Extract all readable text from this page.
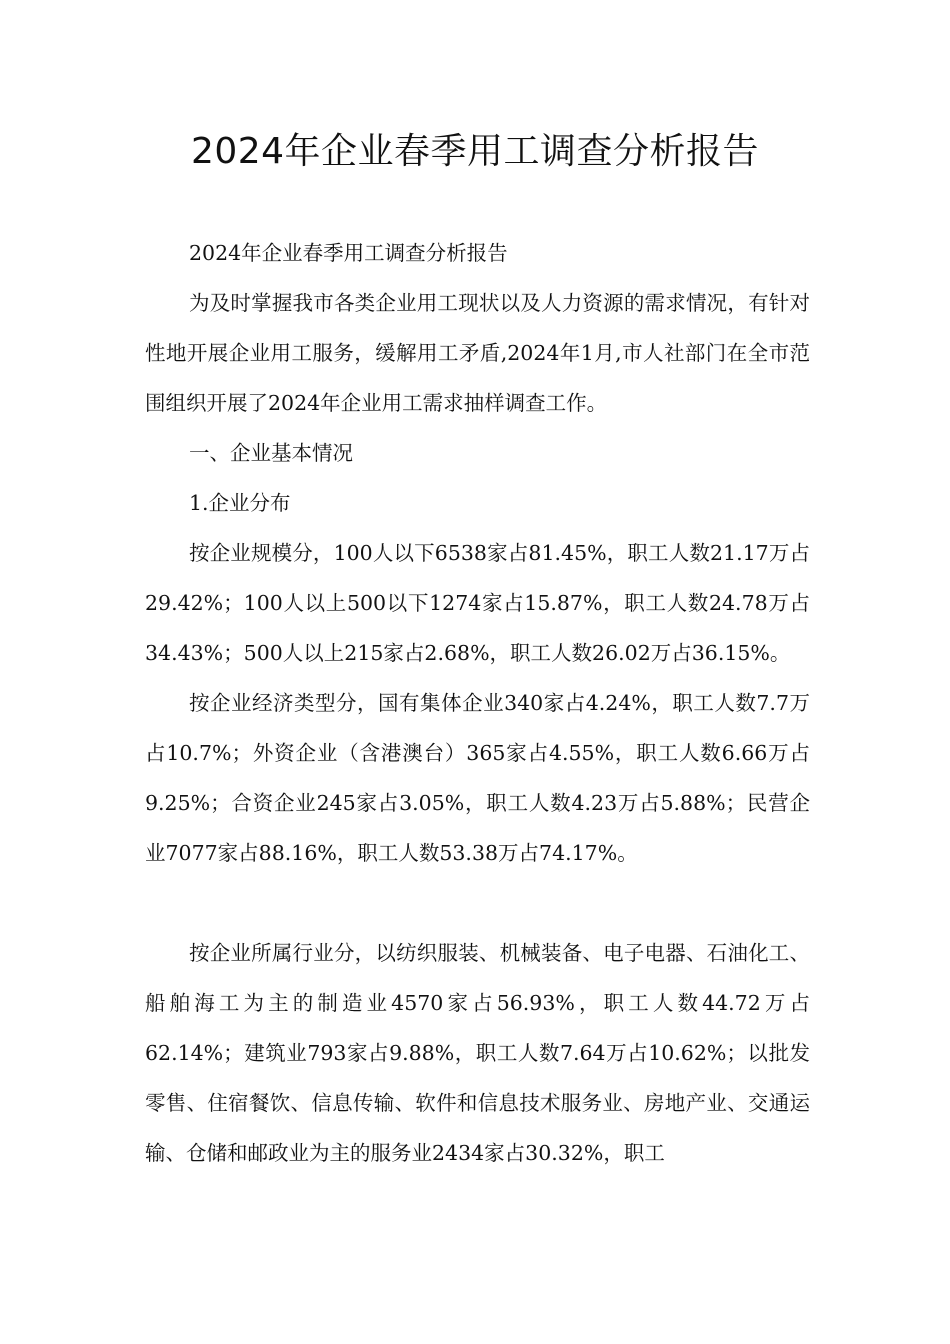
2024年企业春季用工调查分析报告

2024年企业春季用工调查分析报告

为及时掌握我市各类企业用工现状以及人力资源的需求情况，有针对性地开展企业用工服务，缓解用工矛盾,2024年1月,市人社部门在全市范围组织开展了2024年企业用工需求抽样调查工作。

一、企业基本情况

1.企业分布

按企业规模分，100人以下6538家占81.45%，职工人数21.17万占29.42%；100人以上500以下1274家占15.87%，职工人数24.78万占34.43%；500人以上215家占2.68%，职工人数26.02万占36.15%。

按企业经济类型分，国有集体企业340家占4.24%，职工人数7.7万占10.7%；外资企业（含港澳台）365家占4.55%，职工人数6.66万占9.25%；合资企业245家占3.05%，职工人数4.23万占5.88%；民营企业7077家占88.16%，职工人数53.38万占74.17%。

按企业所属行业分，以纺织服装、机械装备、电子电器、石油化工、船舶海工为主的制造业4570家占56.93%，职工人数44.72万占62.14%；建筑业793家占9.88%，职工人数7.64万占10.62%；以批发零售、住宿餐饮、信息传输、软件和信息技术服务业、房地产业、交通运输、仓储和邮政业为主的服务业2434家占30.32%，职工
